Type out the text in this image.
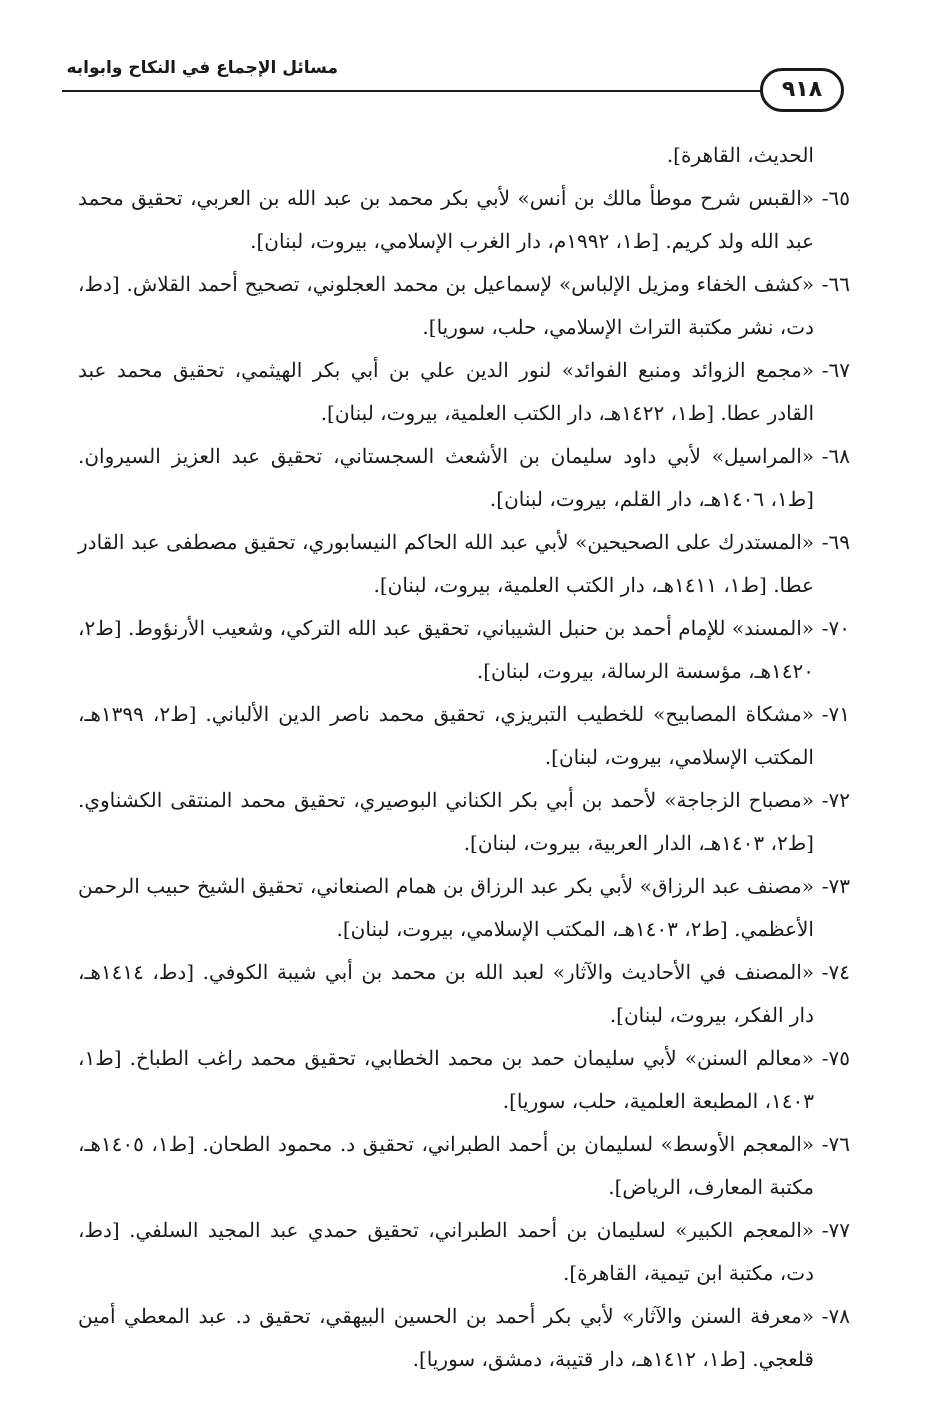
مسائل الإجماع في النكاح وابوابه
٩١٨

الحديث، القاهرة].

٦٥-
«القبس شرح موطأ مالك بن أنس» لأبي بكر محمد بن عبد الله بن العربي، تحقيق محمد عبد الله ولد كريم. [ط١، ١٩٩٢م، دار الغرب الإسلامي، بيروت، لبنان].

٦٦-
«كشف الخفاء ومزيل الإلباس» لإسماعيل بن محمد العجلوني، تصحيح أحمد القلاش. [دط، دت، نشر مكتبة التراث الإسلامي، حلب، سوريا].

٦٧-
«مجمع الزوائد ومنبع الفوائد» لنور الدين علي بن أبي بكر الهيثمي، تحقيق محمد عبد القادر عطا. [ط١، ١٤٢٢هـ، دار الكتب العلمية، بيروت، لبنان].

٦٨-
«المراسيل» لأبي داود سليمان بن الأشعث السجستاني، تحقيق عبد العزيز السيروان. [ط١، ١٤٠٦هـ، دار القلم، بيروت، لبنان].

٦٩-
«المستدرك على الصحيحين» لأبي عبد الله الحاكم النيسابوري، تحقيق مصطفى عبد القادر عطا. [ط١، ١٤١١هـ، دار الكتب العلمية، بيروت، لبنان].

٧٠-
«المسند» للإمام أحمد بن حنبل الشيباني، تحقيق عبد الله التركي، وشعيب الأرنؤوط. [ط٢، ١٤٢٠هـ، مؤسسة الرسالة، بيروت، لبنان].

٧١-
«مشكاة المصابيح» للخطيب التبريزي، تحقيق محمد ناصر الدين الألباني. [ط٢، ١٣٩٩هـ، المكتب الإسلامي، بيروت، لبنان].

٧٢-
«مصباح الزجاجة» لأحمد بن أبي بكر الكناني البوصيري، تحقيق محمد المنتقى الكشناوي. [ط٢، ١٤٠٣هـ، الدار العربية، بيروت، لبنان].

٧٣-
«مصنف عبد الرزاق» لأبي بكر عبد الرزاق بن همام الصنعاني، تحقيق الشيخ حبيب الرحمن الأعظمي. [ط٢، ١٤٠٣هـ، المكتب الإسلامي، بيروت، لبنان].

٧٤-
«المصنف في الأحاديث والآثار» لعبد الله بن محمد بن أبي شيبة الكوفي. [دط، ١٤١٤هـ، دار الفكر، بيروت، لبنان].

٧٥-
«معالم السنن» لأبي سليمان حمد بن محمد الخطابي، تحقيق محمد راغب الطباخ. [ط١، ١٤٠٣، المطبعة العلمية، حلب، سوريا].

٧٦-
«المعجم الأوسط» لسليمان بن أحمد الطبراني، تحقيق د. محمود الطحان. [ط١، ١٤٠٥هـ، مكتبة المعارف، الرياض].

٧٧-
«المعجم الكبير» لسليمان بن أحمد الطبراني، تحقيق حمدي عبد المجيد السلفي. [دط، دت، مكتبة ابن تيمية، القاهرة].

٧٨-
«معرفة السنن والآثار» لأبي بكر أحمد بن الحسين البيهقي، تحقيق د. عبد المعطي أمين قلعجي. [ط١، ١٤١٢هـ، دار قتيبة، دمشق، سوريا].
